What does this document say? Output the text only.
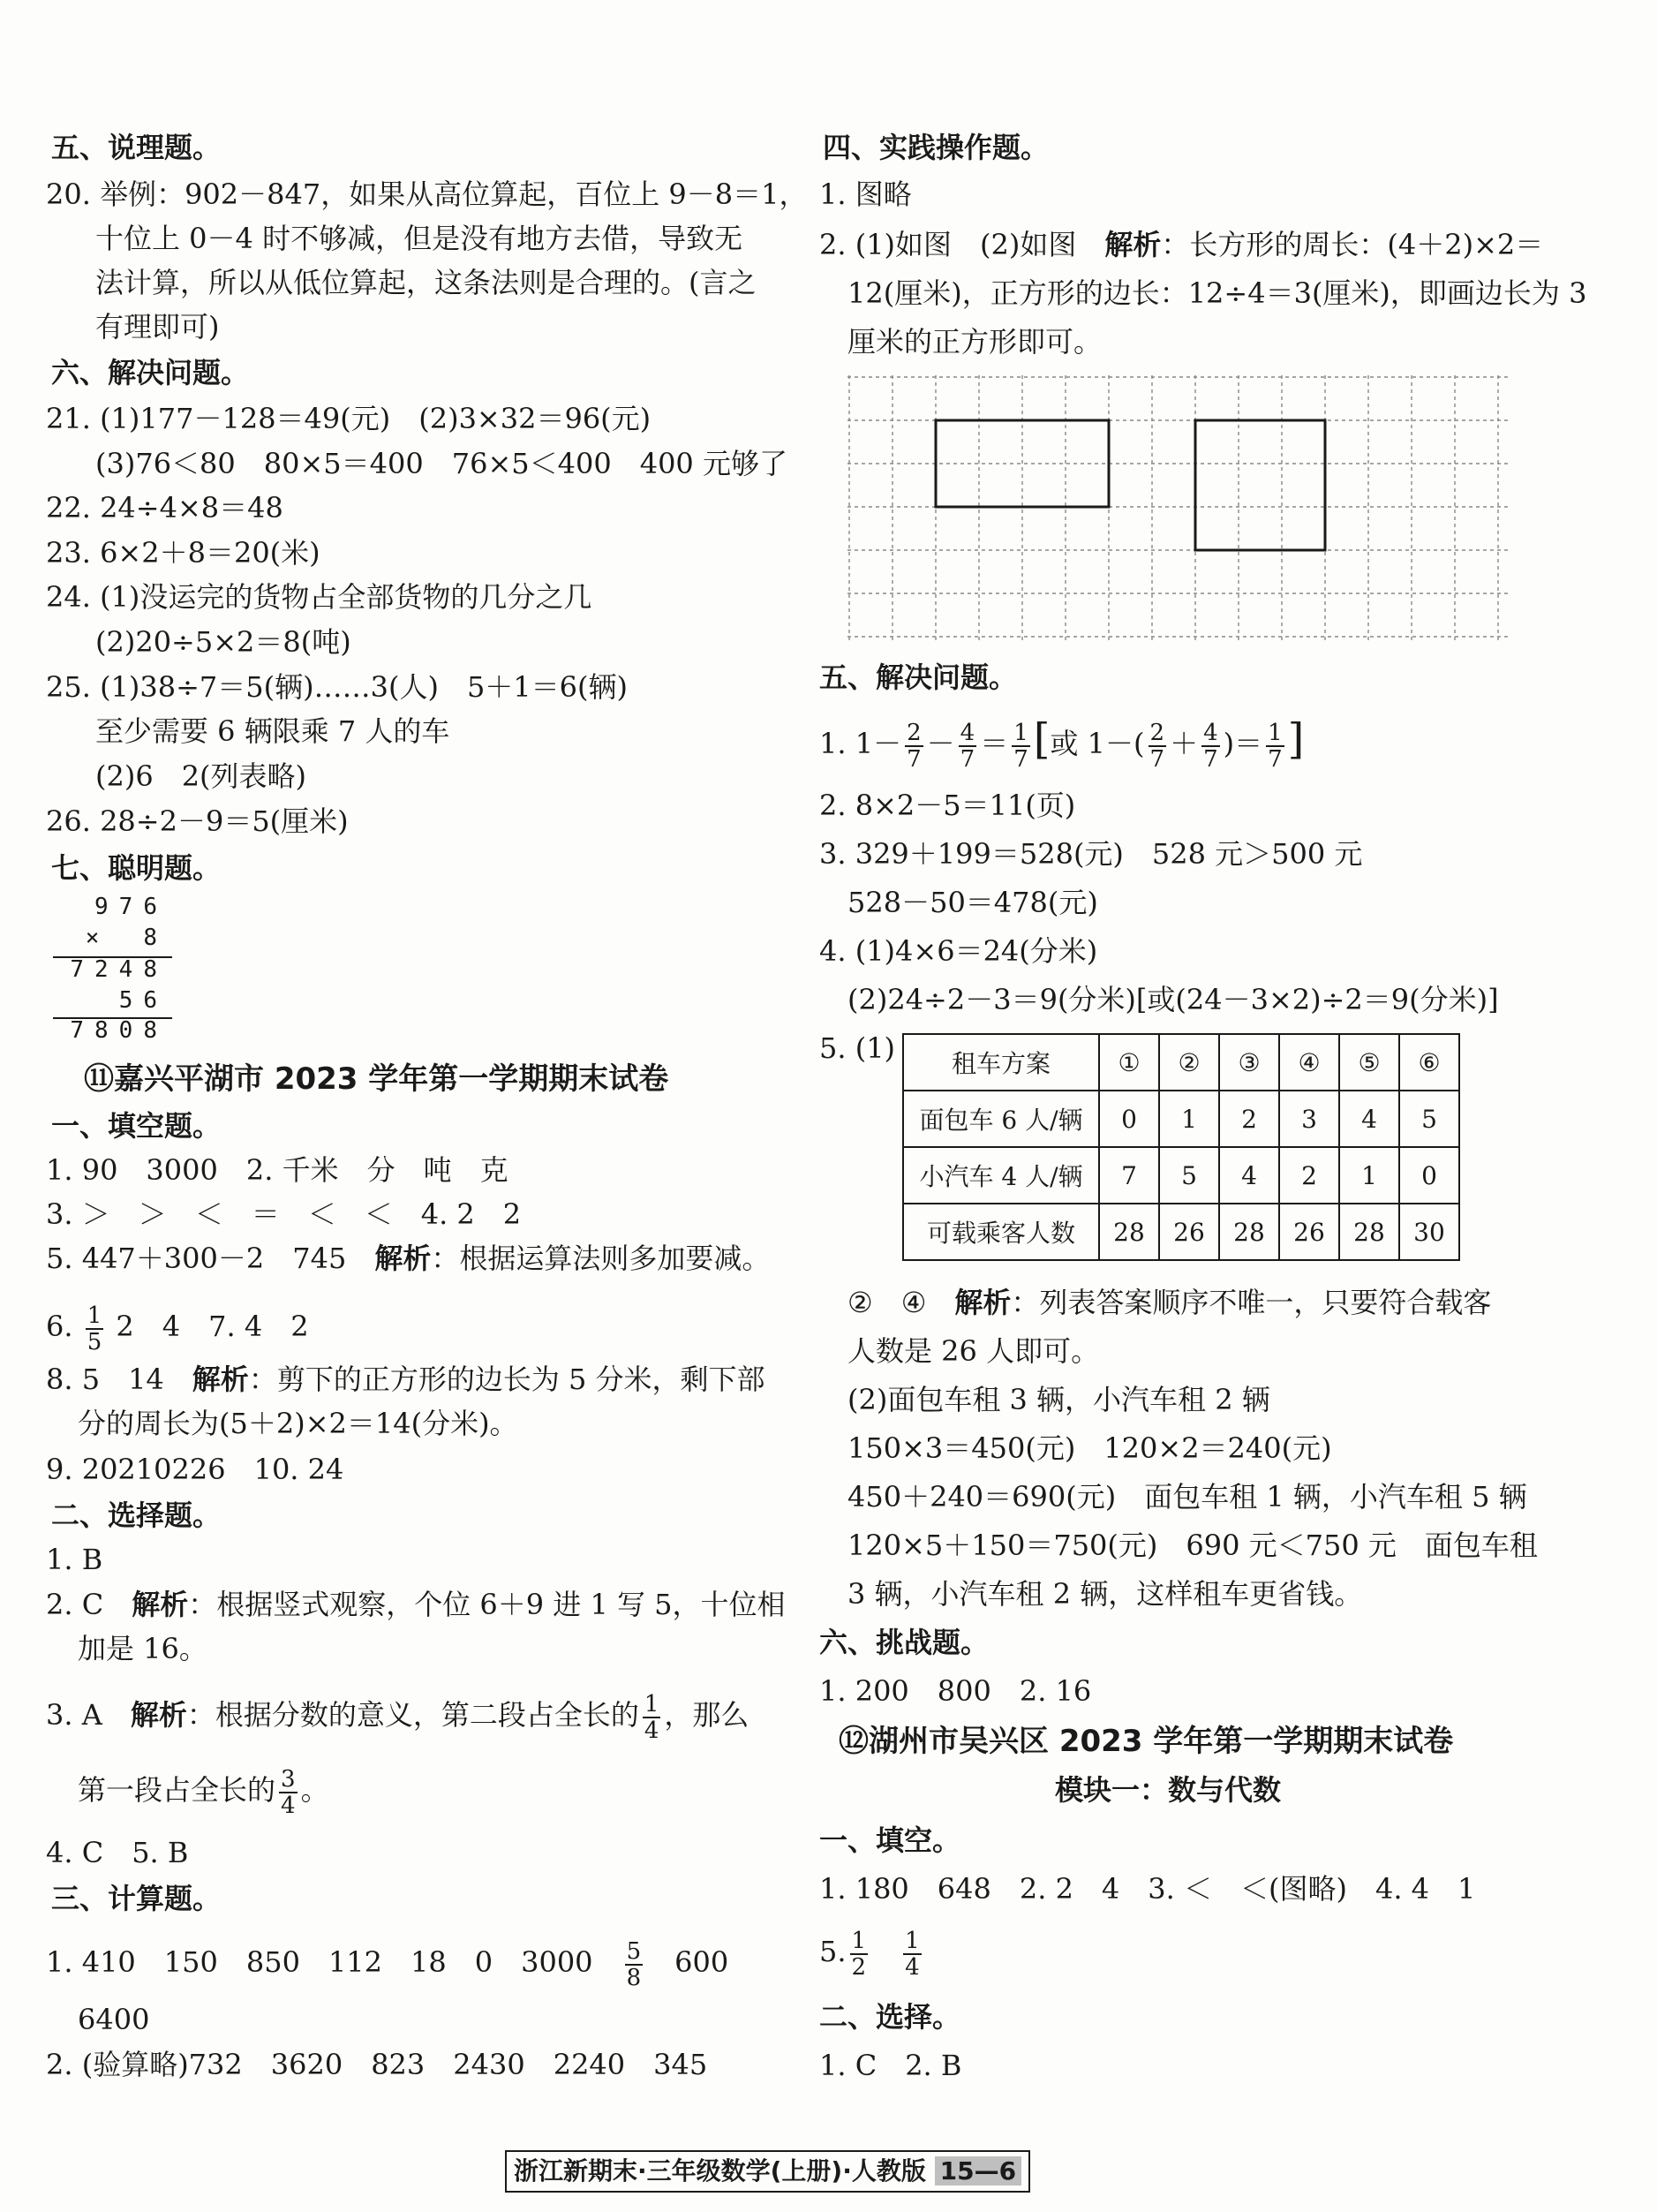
五、说理题。
20. 举例：902－847，如果从高位算起，百位上 9－8＝1，
十位上 0－4 时不够减，但是没有地方去借，导致无
法计算，所以从低位算起，这条法则是合理的。(言之
有理即可)
六、解决问题。
21. (1)177－128＝49(元)　(2)3×32＝96(元)
(3)76＜80　80×5＝400　76×5＜400　400 元够了
22. 24÷4×8＝48
23. 6×2＋8＝20(米)
24. (1)没运完的货物占全部货物的几分之几
(2)20÷5×2＝8(吨)
25. (1)38÷7＝5(辆)……3(人)　5＋1＝6(辆)
至少需要 6 辆限乘 7 人的车
(2)6　2(列表略)
26. 28÷2－9＝5(厘米)
七、聪明题。
976
×　8
7248
56
7808
⑪嘉兴平湖市 2023 学年第一学期期末试卷
一、填空题。
1. 90　3000　2. 千米　分　吨　克
3. ＞　＞　＜　＝　＜　＜　4. 2　2
5. 447＋300－2　745　解析：根据运算法则多加要减。
6. $\frac{1}{5} 2$　4　7. 4　2
8. 5　14　解析：剪下的正方形的边长为 5 分米，剩下部
分的周长为(5＋2)×2＝14(分米)。
9. 20210226　10. 24
二、选择题。
1. B
2. C　解析：根据竖式观察，个位 6＋9 进 1 写 5，十位相
加是 16。
3. A　解析：根据分数的意义，第二段占全长的 $\frac{1}{4}$ ，那么
第一段占全长的 $\frac{3}{4}$ 。
4. C　5. B
三、计算题。
1. 410　150　850　112　18　0　3000　 $\frac{5}{8}$
　 600
6400
2. (验算略)732　3620　823　2430　2240　345
四、实践操作题。
1. 图略
2. (1)如图　(2)如图　解析：长方形的周长：(4＋2)×2＝
12(厘米)，正方形的边长：12÷4＝3(厘米)，即画边长为 3
厘米的正方形即可。
五、解决问题。
1. $1- \frac{2}{7} - \frac{4}{7} = \frac{1}{7}$ [或 $1-( \frac{2}{7} + \frac{4}{7}$ )＝ $\frac{1}{7}$ ]
2. 8×2－5＝11(页)
3. 329＋199＝528(元)　528 元＞500 元
528－50＝478(元)
4. (1)4×6＝24(分米)
(2)24÷2－3＝9(分米)[或(24－3×2)÷2＝9(分米)]
5. (1) 租车方案	①	②	③	④	⑤	⑥
面包车 6 人/辆	0	1	2	3	4	5
小汽车 4 人/辆	7	5	4	2	1	0
可载乘客人数	28	26	28	26	28	30
②　④　解析：列表答案顺序不唯一，只要符合载客
人数是 26 人即可。
(2)面包车租 3 辆，小汽车租 2 辆
150×3＝450(元)　120×2＝240(元)
450＋240＝690(元)　面包车租 1 辆，小汽车租 5 辆
120×5＋150＝750(元)　690 元＜750 元　面包车租
3 辆，小汽车租 2 辆，这样租车更省钱。
六、挑战题。
1. 200　800　2. 16
⑫湖州市吴兴区 2023 学年第一学期期末试卷
模块一：数与代数
一、填空。
1. 180　648　2. 2　4　3. ＜　＜(图略)　4. 4　1
5. $\frac{1}{2}$
　 $\frac{1}{4}$
二、选择。
1. C　2. B
浙江新期末·三年级数学(上册)·人教版 15—6
